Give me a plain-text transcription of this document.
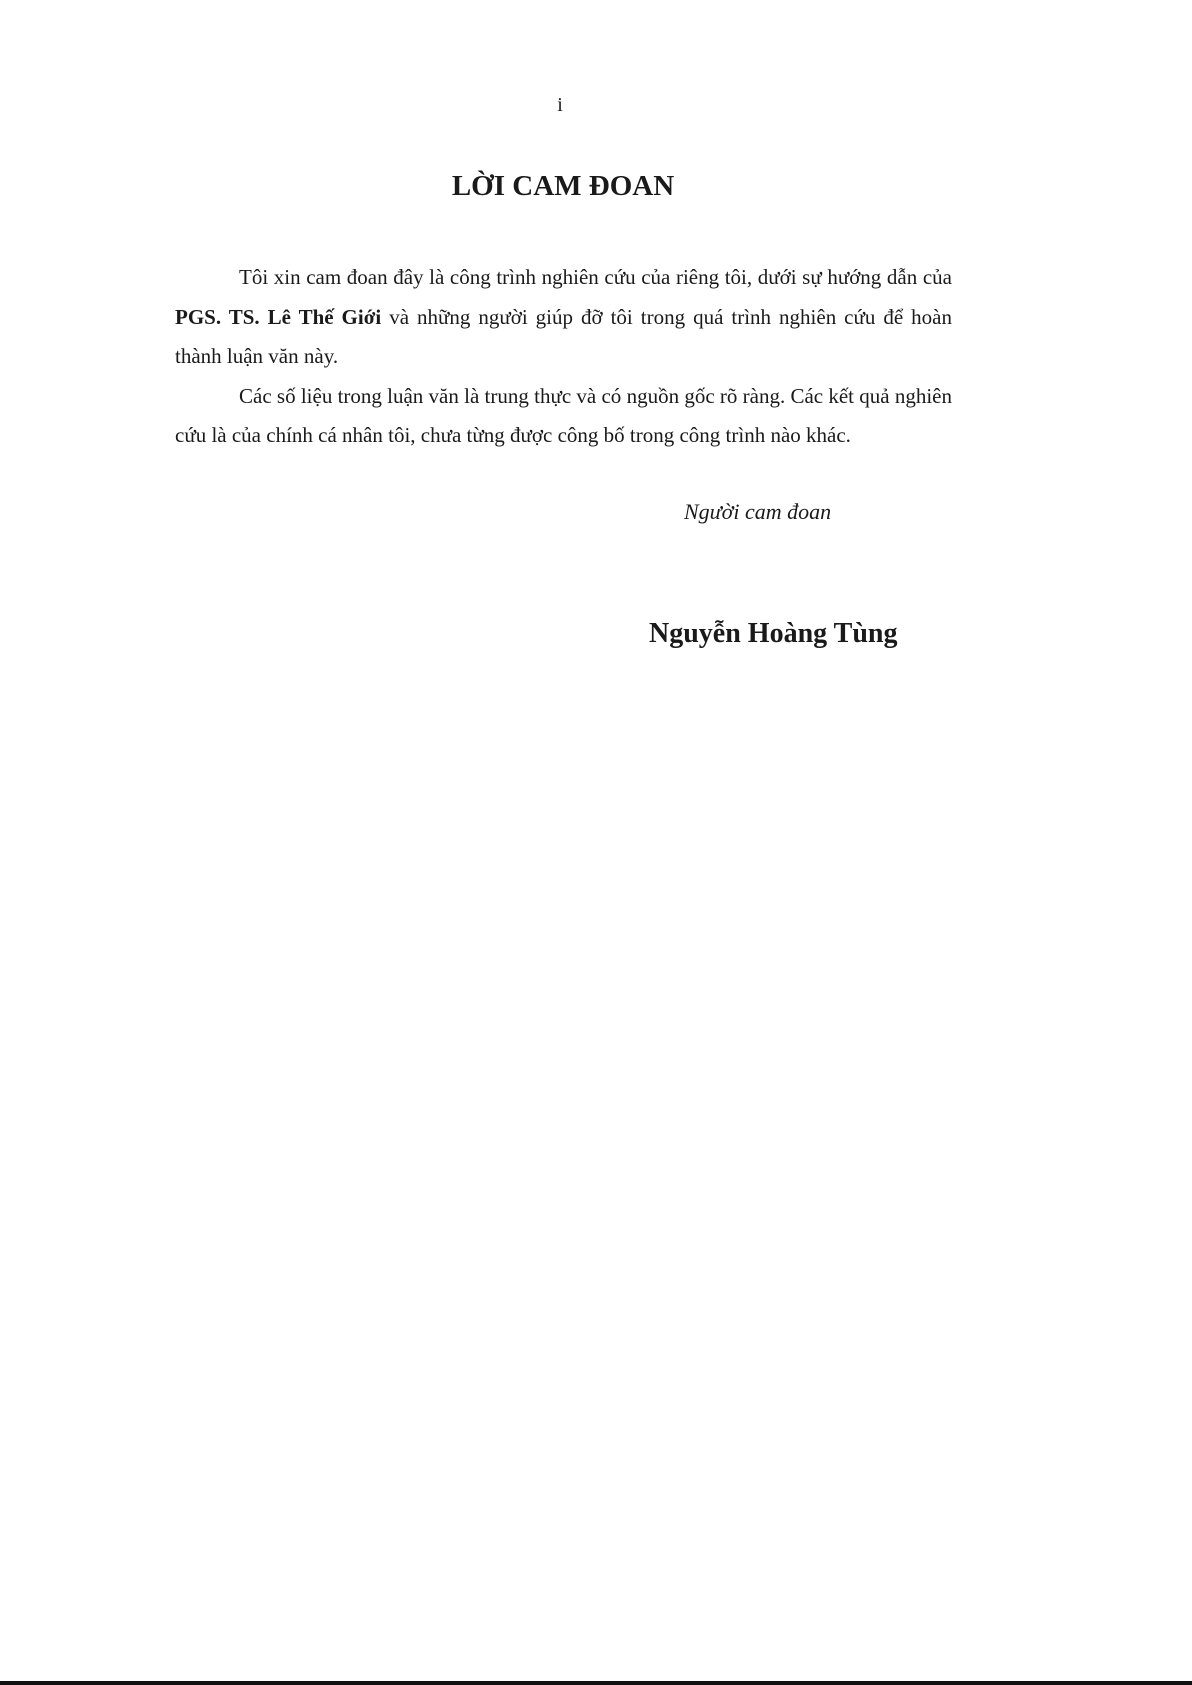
i
LỜI CAM ĐOAN

Tôi xin cam đoan đây là công trình nghiên cứu của riêng tôi, dưới sự hướng dẫn của PGS. TS. Lê Thế Giới và những người giúp đỡ tôi trong quá trình nghiên cứu để hoàn thành luận văn này.

Các số liệu trong luận văn là trung thực và có nguồn gốc rõ ràng. Các kết quả nghiên cứu là của chính cá nhân tôi, chưa từng được công bố trong công trình nào khác.

Người cam đoan
Nguyễn Hoàng Tùng
